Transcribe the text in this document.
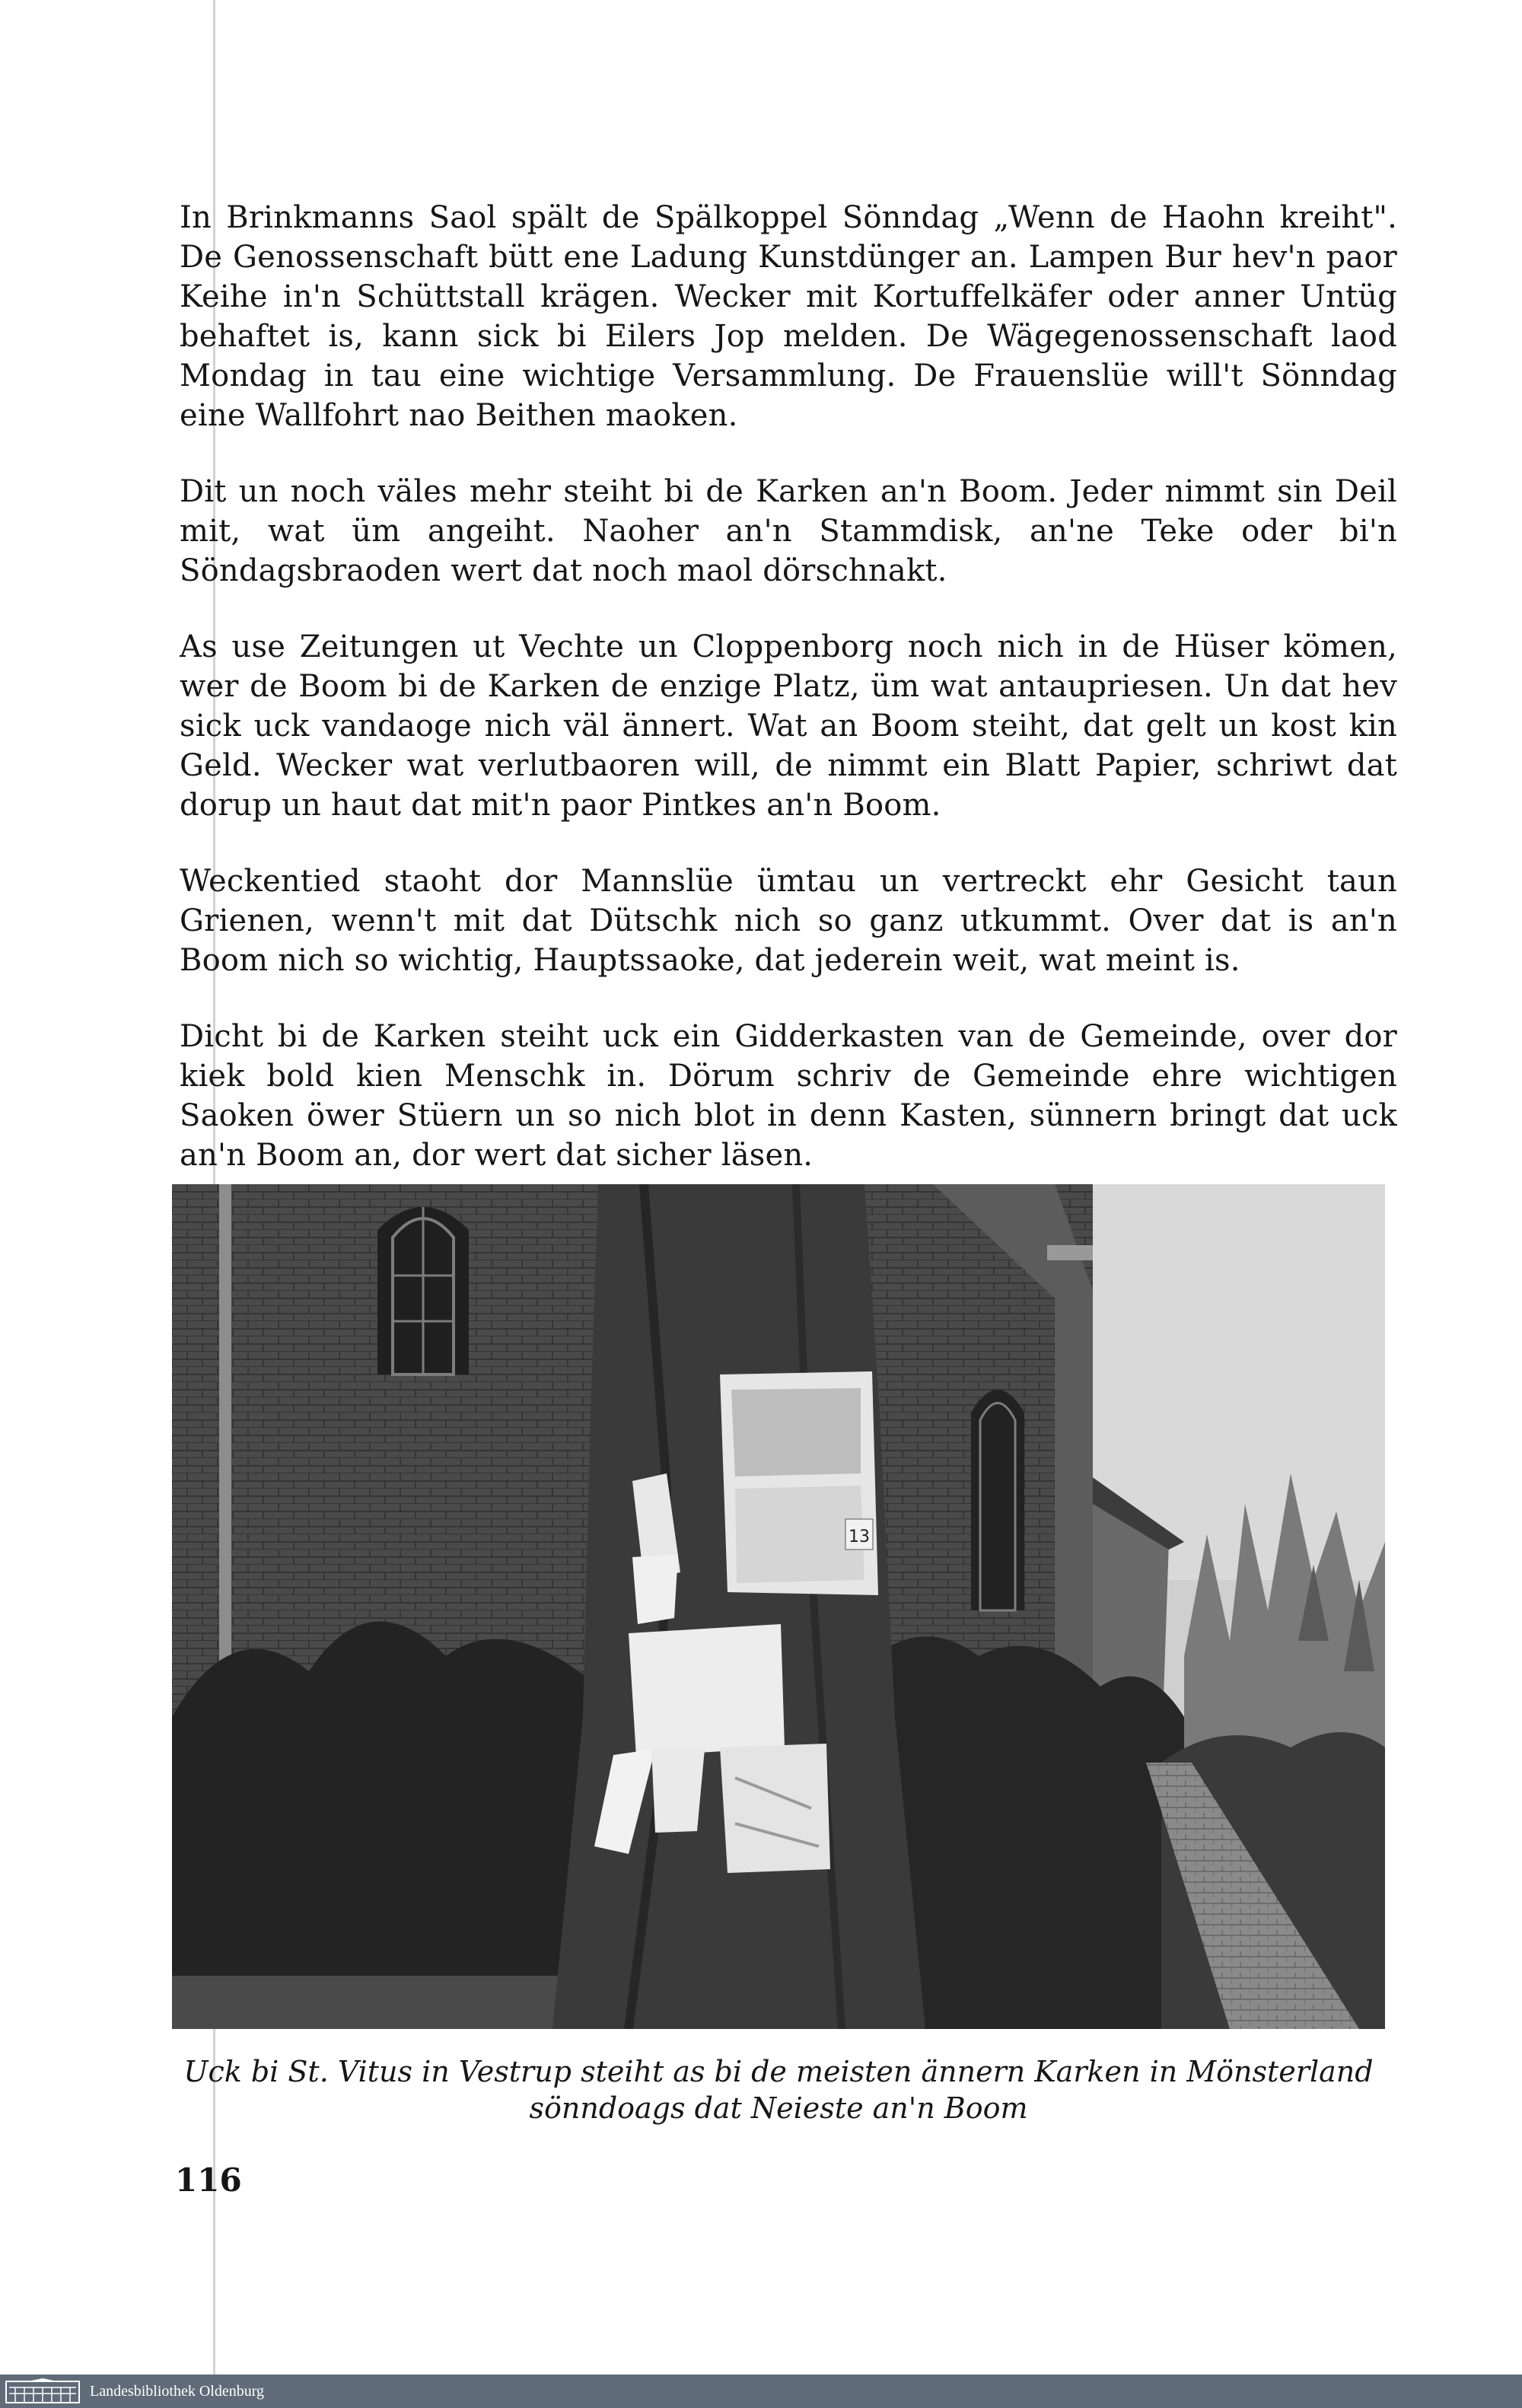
In Brinkmanns Saol spält de Spälkoppel Sönndag „Wenn de Haohn kreiht". De Genossenschaft bütt ene Ladung Kunstdünger an. Lampen Bur hev'n paor Keihe in'n Schüttstall krägen. Wecker mit Kortuffelkäfer oder anner Untüg behaftet is, kann sick bi Eilers Jop melden. De Wägegenossenschaft laod Mondag in tau eine wichtige Versammlung. De Frauenslüe will't Sönndag eine Wallfohrt nao Beithen maoken.

Dit un noch väles mehr steiht bi de Karken an'n Boom. Jeder nimmt sin Deil mit, wat üm angeiht. Naoher an'n Stammdisk, an'ne Teke oder bi'n Söndagsbraoden wert dat noch maol dörschnakt.

As use Zeitungen ut Vechte un Cloppenborg noch nich in de Hüser kömen, wer de Boom bi de Karken de enzige Platz, üm wat antaupriesen. Un dat hev sick uck vandaoge nich väl ännert. Wat an Boom steiht, dat gelt un kost kin Geld. Wecker wat verlutbaoren will, de nimmt ein Blatt Papier, schriwt dat dorup un haut dat mit'n paor Pintkes an'n Boom.

Weckentied staoht dor Mannslüe ümtau un vertreckt ehr Gesicht taun Grienen, wenn't mit dat Dütschk nich so ganz utkummt. Over dat is an'n Boom nich so wichtig, Hauptssaoke, dat jederein weit, wat meint is.

Dicht bi de Karken steiht uck ein Gidderkasten van de Gemeinde, over dor kiek bold kien Menschk in. Dörum schriv de Gemeinde ehre wichtigen Saoken öwer Stüern un so nich blot in denn Kasten, sünnern bringt dat uck an'n Boom an, dor wert dat sicher läsen.

13
Uck bi St. Vitus in Vestrup steiht as bi de meisten ännern Karken in Mönsterland
sönndoags dat Neieste an'n Boom
116
Landesbibliothek Oldenburg
